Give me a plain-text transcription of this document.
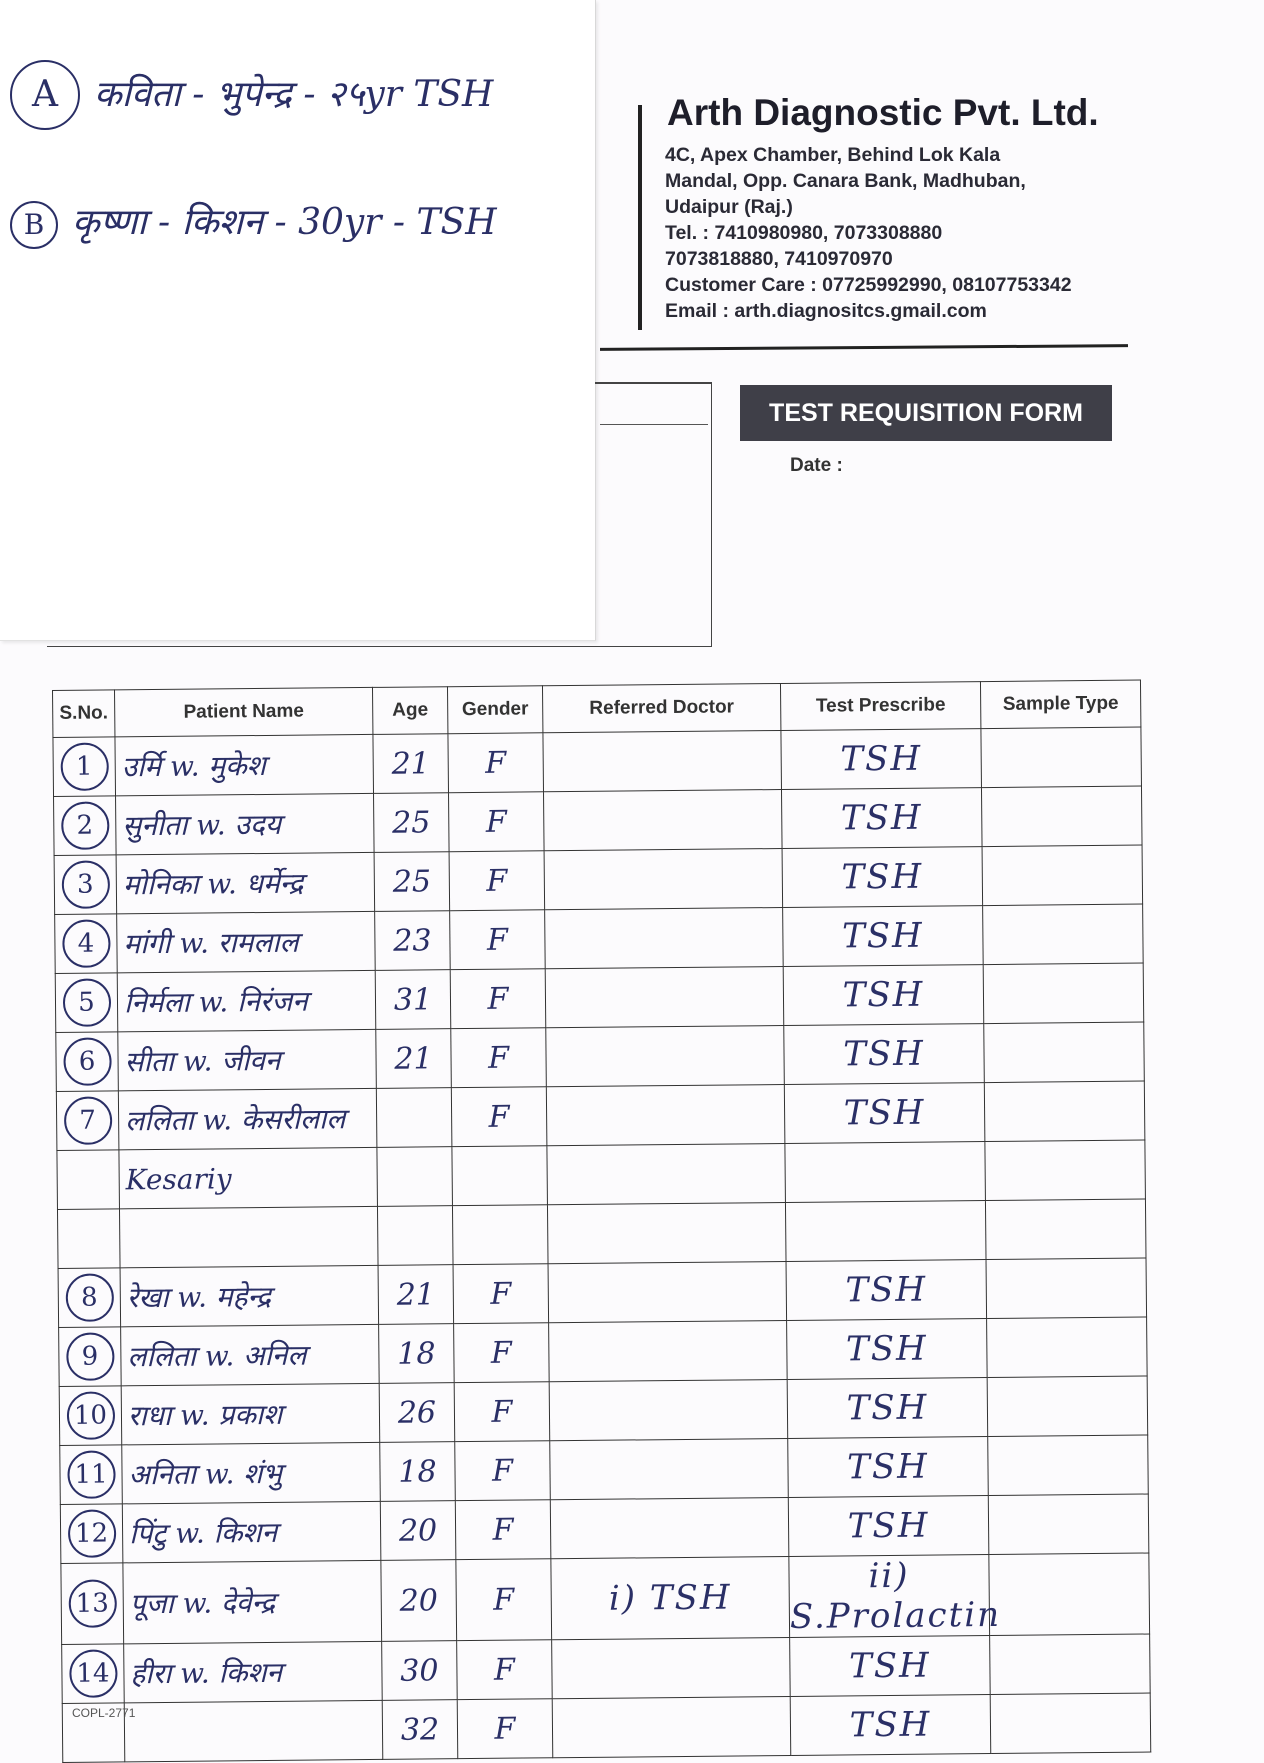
A कविता - भुपेन्द्र - २५yr TSH
B कृष्णा - किशन - 30yr - TSH
Arth Diagnostic Pvt. Ltd.
4C, Apex Chamber, Behind Lok Kala
Mandal, Opp. Canara Bank, Madhuban,
Udaipur (Raj.)
Tel. : 7410980980, 7073308880
7073818880, 7410970970
Customer Care : 07725992990, 08107753342
Email : arth.diagnositcs.gmail.com
TEST REQUISITION FORM
Date :
S.No.	Patient Name	Age	Gender	Referred Doctor	Test Prescribe	Sample Type
1	उर्मि w. मुकेश	21	F		TSH	
2	सुनीता w. उदय	25	F		TSH	
3	मोनिका w. धर्मेन्द्र	25	F		TSH	
4	मांगी w. रामलाल	23	F		TSH	
5	निर्मला w. निरंजन	31	F		TSH	
6	सीता w. जीवन	21	F		TSH	
7	ललिता w. केसरीलाल		F		TSH	
	Kesariy					

8	रेखा w. महेन्द्र	21	F		TSH	
9	ललिता w. अनिल	18	F		TSH	
10	राधा w. प्रकाश	26	F		TSH	
11	अनिता w. शंभु	18	F		TSH	
12	पिंटु w. किशन	20	F		TSH	
13	पूजा w. देवेन्द्र	20	F	i) TSH	ii) S.Prolactin	
14	हीरा w. किशन	30	F		TSH	
		32	F		TSH	
COPL-2771
